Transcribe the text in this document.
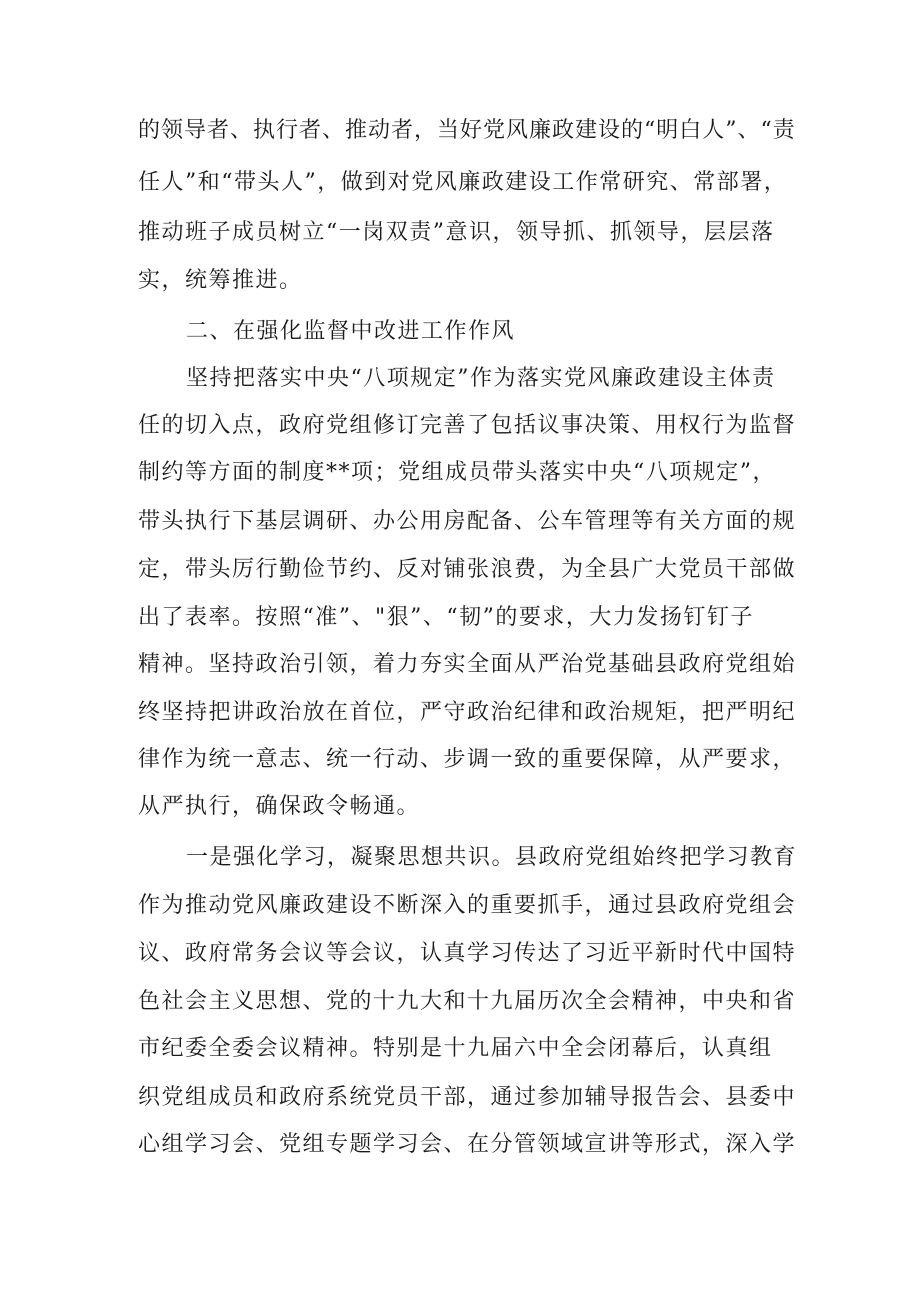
的领导者、执行者、推动者，当好党风廉政建设的“明白人”、“责
任人”和“带头人”，做到对党风廉政建设工作常研究、常部署，
推动班子成员树立“一岗双责”意识，领导抓、抓领导，层层落
实，统筹推进。
二、在强化监督中改进工作作风
坚持把落实中央“八项规定”作为落实党风廉政建设主体责
任的切入点，政府党组修订完善了包括议事决策、用权行为监督
制约等方面的制度**项；党组成员带头落实中央“八项规定”，
带头执行下基层调研、办公用房配备、公车管理等有关方面的规
定，带头厉行勤俭节约、反对铺张浪费，为全县广大党员干部做
出了表率。按照“准”、"狠”、“韧”的要求，大力发扬钉钉子
精神。坚持政治引领，着力夯实全面从严治党基础县政府党组始
终坚持把讲政治放在首位，严守政治纪律和政治规矩，把严明纪
律作为统一意志、统一行动、步调一致的重要保障，从严要求，
从严执行，确保政令畅通。
一是强化学习，凝聚思想共识。县政府党组始终把学习教育
作为推动党风廉政建设不断深入的重要抓手，通过县政府党组会
议、政府常务会议等会议，认真学习传达了习近平新时代中国特
色社会主义思想、党的十九大和十九届历次全会精神，中央和省
市纪委全委会议精神。特别是十九届六中全会闭幕后，认真组
织党组成员和政府系统党员干部，通过参加辅导报告会、县委中
心组学习会、党组专题学习会、在分管领域宣讲等形式，深入学
